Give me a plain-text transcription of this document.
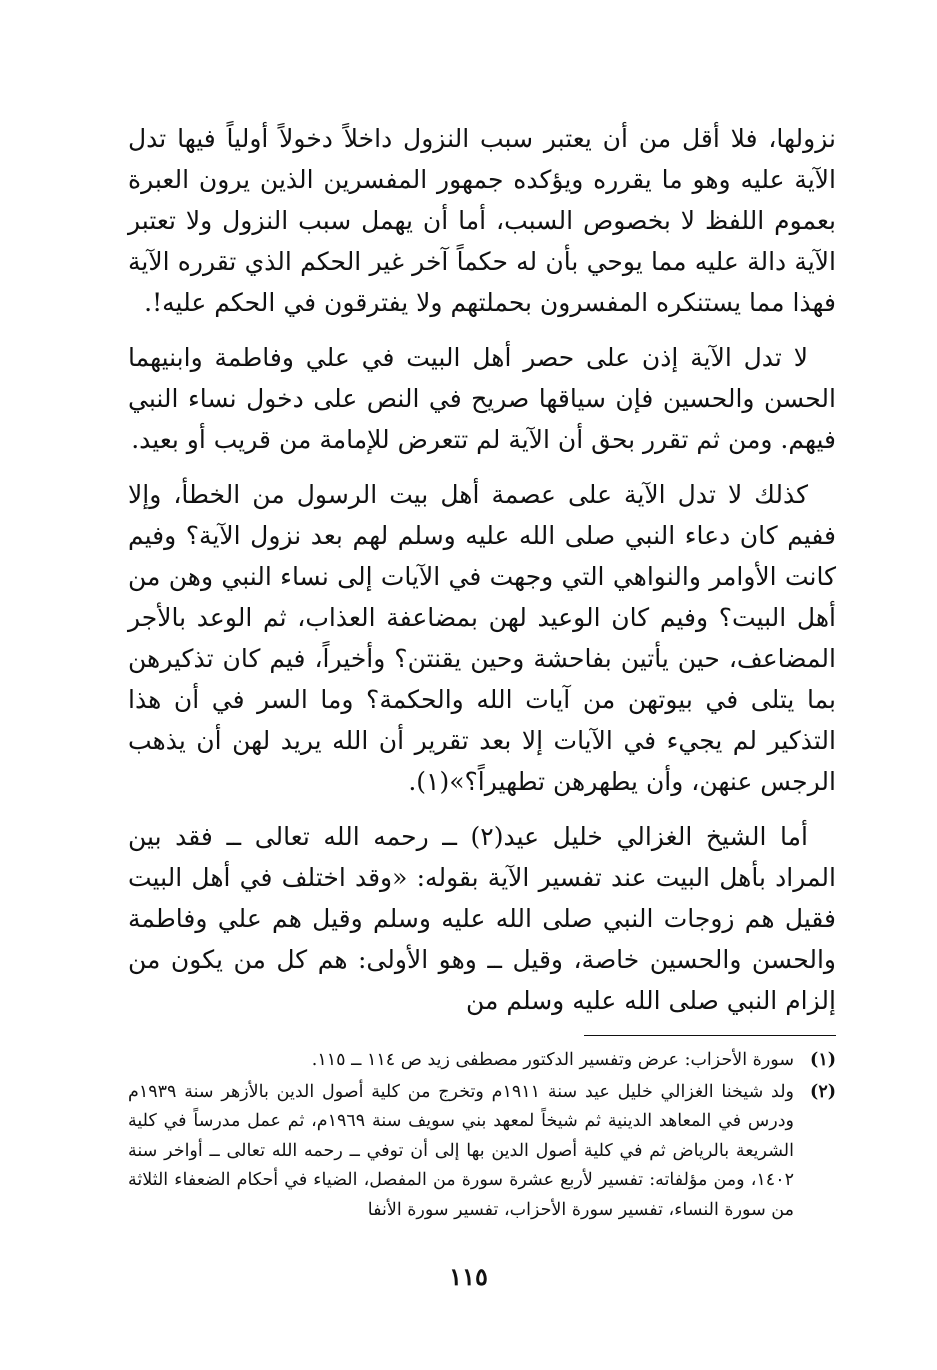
نزولها، فلا أقل من أن يعتبر سبب النزول داخلاً دخولاً أولياً فيها تدل الآية عليه وهو ما يقرره ويؤكده جمهور المفسرين الذين يرون العبرة بعموم اللفظ لا بخصوص السبب، أما أن يهمل سبب النزول ولا تعتبر الآية دالة عليه مما يوحي بأن له حكماً آخر غير الحكم الذي تقرره الآية فهذا مما يستنكره المفسرون بحملتهم ولا يفترقون في الحكم عليه!.

لا تدل الآية إذن على حصر أهل البيت في علي وفاطمة وابنيهما الحسن والحسين فإن سياقها صريح في النص على دخول نساء النبي فيهم. ومن ثم تقرر بحق أن الآية لم تتعرض للإمامة من قريب أو بعيد.

كذلك لا تدل الآية على عصمة أهل بيت الرسول من الخطأ، وإلا ففيم كان دعاء النبي صلى الله عليه وسلم لهم بعد نزول الآية؟ وفيم كانت الأوامر والنواهي التي وجهت في الآيات إلى نساء النبي وهن من أهل البيت؟ وفيم كان الوعيد لهن بمضاعفة العذاب، ثم الوعد بالأجر المضاعف، حين يأتين بفاحشة وحين يقنتن؟ وأخيراً، فيم كان تذكيرهن بما يتلى في بيوتهن من آيات الله والحكمة؟ وما السر في أن هذا التذكير لم يجيء في الآيات إلا بعد تقرير أن الله يريد لهن أن يذهب الرجس عنهن، وأن يطهرهن تطهيراً؟»(١).

أما الشيخ الغزالي خليل عيد(٢) ــ رحمه الله تعالى ــ فقد بين المراد بأهل البيت عند تفسير الآية بقوله: «وقد اختلف في أهل البيت فقيل هم زوجات النبي صلى الله عليه وسلم وقيل هم علي وفاطمة والحسن والحسين خاصة، وقيل ــ وهو الأولى: هم كل من يكون من إلزام النبي صلى الله عليه وسلم من

(١)
سورة الأحزاب: عرض وتفسير الدكتور مصطفى زيد ص ١١٤ ــ ١١٥.
(٢)
ولد شيخنا الغزالي خليل عيد سنة ١٩١١م وتخرج من كلية أصول الدين بالأزهر سنة ١٩٣٩م ودرس في المعاهد الدينية ثم شيخاً لمعهد بني سويف سنة ١٩٦٩م، ثم عمل مدرساً في كلية الشريعة بالرياض ثم في كلية أصول الدين بها إلى أن توفي ــ رحمه الله تعالى ــ أواخر سنة ١٤٠٢، ومن مؤلفاته: تفسير لأربع عشرة سورة من المفصل، الضياء في أحكام الضعفاء الثلاثة من سورة النساء، تفسير سورة الأحزاب، تفسير سورة الأنفا
١١٥
